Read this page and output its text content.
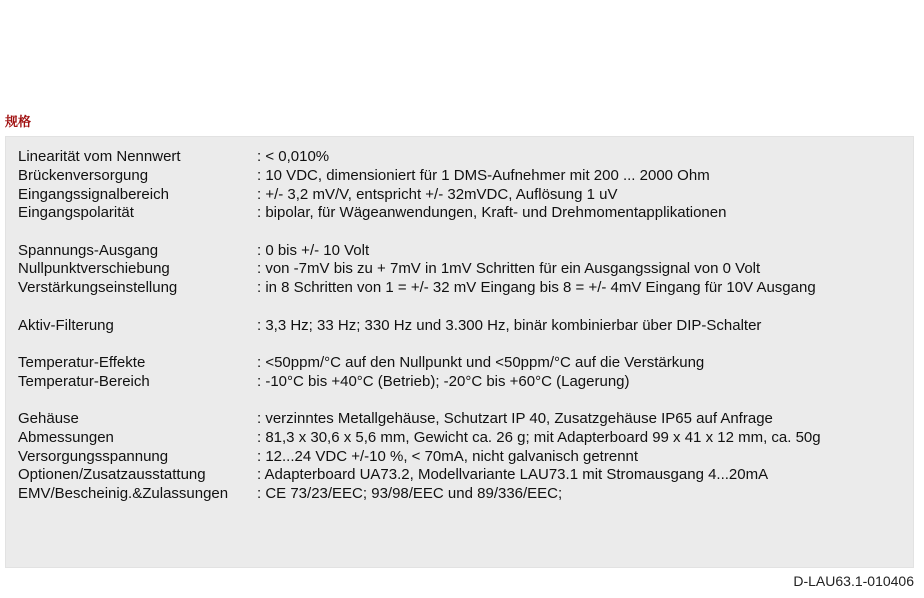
规格
Linearität vom Nennwert	: < 0,010%
Brückenversorgung	: 10 VDC, dimensioniert für 1 DMS-Aufnehmer mit 200 ... 2000 Ohm
Eingangssignalbereich	: +/- 3,2 mV/V, entspricht +/- 32mVDC, Auflösung 1 uV
Eingangspolarität	: bipolar, für Wägeanwendungen, Kraft- und Drehmomentapplikationen
Spannungs-Ausgang	: 0 bis +/- 10 Volt
Nullpunktverschiebung	: von -7mV bis zu + 7mV in 1mV Schritten für ein Ausgangssignal von 0 Volt
Verstärkungseinstellung	: in 8 Schritten von 1 = +/- 32 mV Eingang bis 8 = +/- 4mV Eingang für 10V Ausgang
Aktiv-Filterung	: 3,3 Hz; 33 Hz; 330 Hz und 3.300 Hz, binär kombinierbar über DIP-Schalter
Temperatur-Effekte	: <50ppm/°C auf den Nullpunkt und <50ppm/°C auf die Verstärkung
Temperatur-Bereich	: -10°C bis +40°C (Betrieb); -20°C bis +60°C (Lagerung)
Gehäuse	: verzinntes Metallgehäuse, Schutzart IP 40, Zusatzgehäuse IP65 auf Anfrage
Abmessungen	: 81,3 x 30,6 x 5,6 mm, Gewicht ca. 26 g; mit Adapterboard 99 x 41 x 12 mm, ca. 50g
Versorgungsspannung	: 12...24 VDC +/-10 %, < 70mA, nicht galvanisch getrennt
Optionen/Zusatzausstattung	: Adapterboard UA73.2, Modellvariante LAU73.1 mit Stromausgang 4...20mA
EMV/Bescheinig.&Zulassungen : CE 73/23/EEC; 93/98/EEC und 89/336/EEC;
D-LAU63.1-010406
